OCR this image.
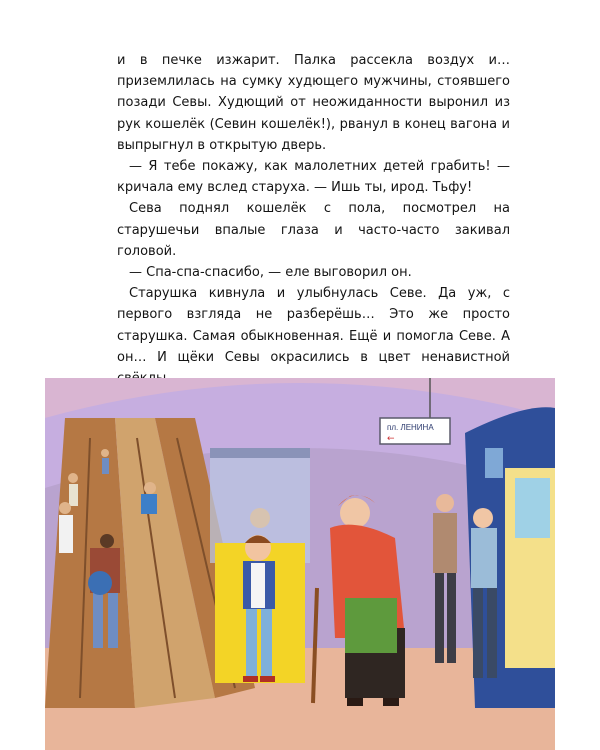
и в печке изжарит. Палка рассекла воздух и… приземлилась на сумку худющего мужчины, стоявшего позади Севы. Худющий от неожиданности выронил из рук кошелёк (Севин кошелёк!), рванул в конец вагона и выпрыгнул в открытую дверь.

— Я тебе покажу, как малолетних детей грабить! — кричала ему вслед старуха. — Ишь ты, ирод. Тьфу!

Сева поднял кошелёк с пола, посмотрел на старушечьи впалые глаза и часто-часто закивал головой.

— Спа-спа-спасибо, — еле выговорил он.

Старушка кивнула и улыбнулась Севе. Да уж, с первого взгляда не разберёшь… Это же просто старушка. Самая обыкновенная. Ещё и помогла Севе. А он… И щёки Севы окрасились в цвет ненавистной

пл. ЛЕНИНА
←
